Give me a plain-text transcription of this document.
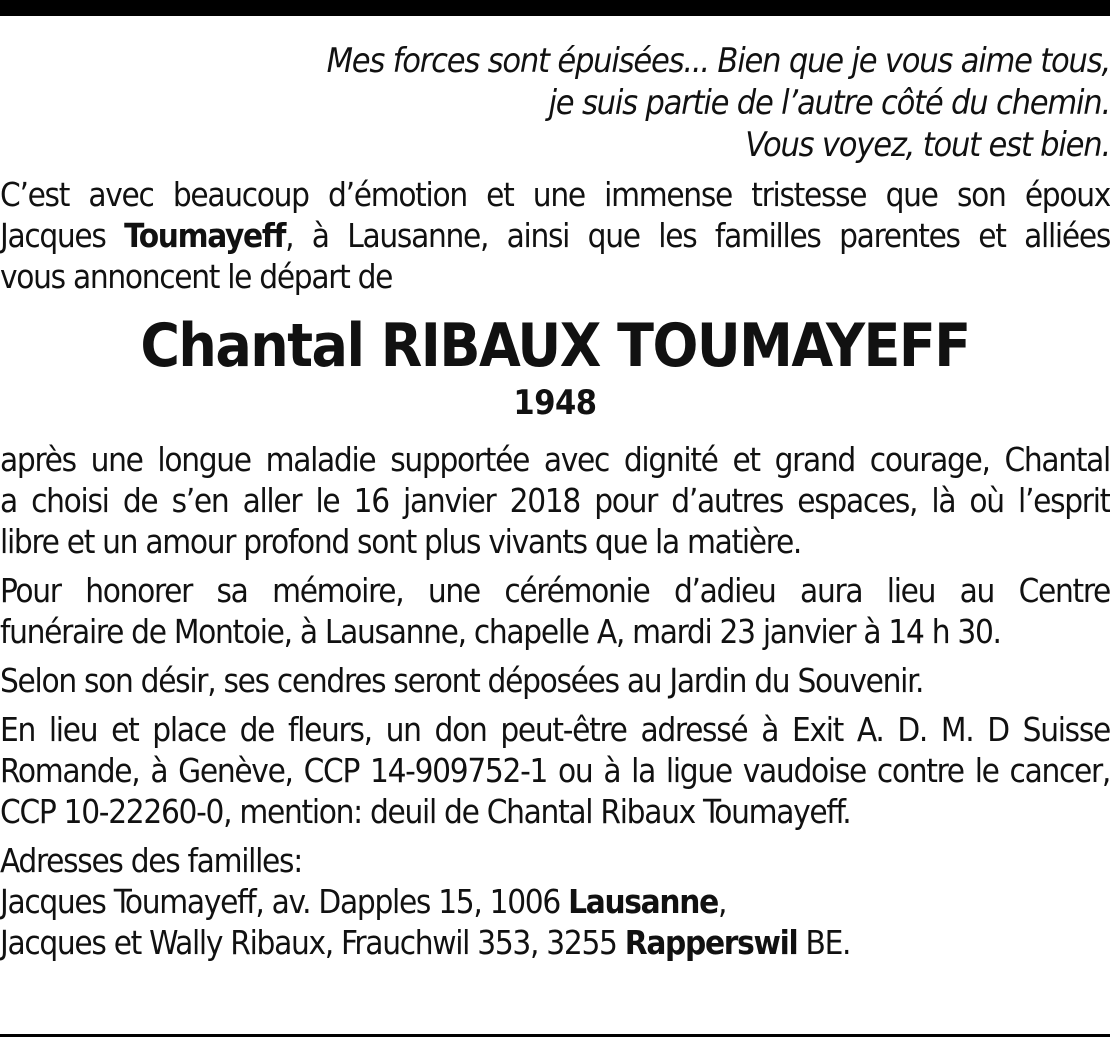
Mes forces sont épuisées... Bien que je vous aime tous,
je suis partie de l’autre côté du chemin.
Vous voyez, tout est bien.
C’est avec beaucoup d’émotion et une immense tristesse que son époux
Jacques Toumayeff, à Lausanne, ainsi que les familles parentes et alliées
vous annoncent le départ de
Chantal RIBAUX TOUMAYEFF
1948
après une longue maladie supportée avec dignité et grand courage, Chantal
a choisi de s’en aller le 16 janvier 2018 pour d’autres espaces, là où l’esprit
libre et un amour profond sont plus vivants que la matière.
Pour honorer sa mémoire, une cérémonie d’adieu aura lieu au Centre
funéraire de Montoie, à Lausanne, chapelle A, mardi 23 janvier à 14 h 30.
Selon son désir, ses cendres seront déposées au Jardin du Souvenir.
En lieu et place de fleurs, un don peut-être adressé à Exit A. D. M. D Suisse
Romande, à Genève, CCP 14-909752-1 ou à la ligue vaudoise contre le cancer,
CCP 10-22260-0, mention: deuil de Chantal Ribaux Toumayeff.
Adresses des familles:
Jacques Toumayeff, av. Dapples 15, 1006 Lausanne,
Jacques et Wally Ribaux, Frauchwil 353, 3255 Rapperswil BE.
